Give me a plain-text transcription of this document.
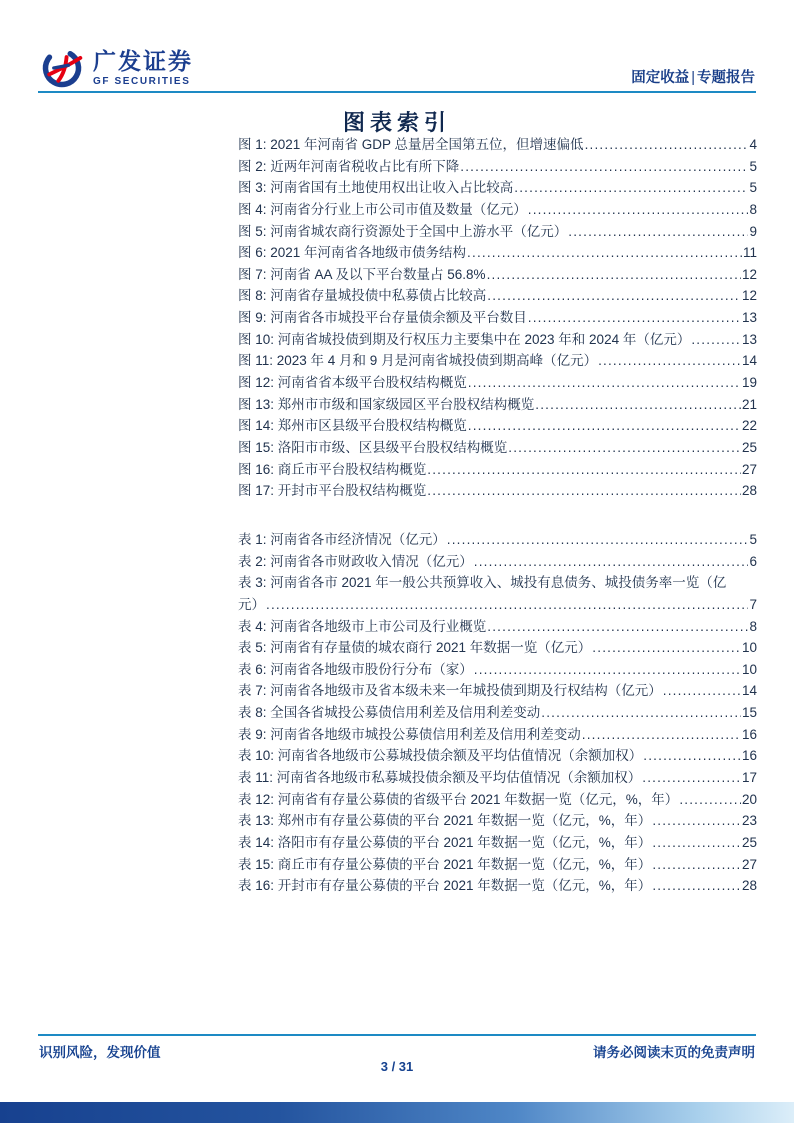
广发证券
GF SECURITIES	固定收益 | 专题报告
图表索引
图 1: 2021 年河南省 GDP 总量居全国第五位，但增速偏低 .....	4
图 2: 近两年河南省税收占比有所下降 .....	5
图 3: 河南省国有土地使用权出让收入占比较高 .....	5
图 4: 河南省分行业上市公司市值及数量（亿元） .....	8
图 5: 河南省城农商行资源处于全国中上游水平（亿元） .....	9
图 6: 2021 年河南省各地级市债务结构 .....	11
图 7: 河南省 AA 及以下平台数量占 56.8% .....	12
图 8: 河南省存量城投债中私募债占比较高 .....	12
图 9: 河南省各市城投平台存量债余额及平台数目 .....	13
图 10: 河南省城投债到期及行权压力主要集中在 2023 年和 2024 年（亿元） .....	13
图 11: 2023 年 4 月和 9 月是河南省城投债到期高峰（亿元） .....	14
图 12: 河南省省本级平台股权结构概览 .....	19
图 13: 郑州市市级和国家级园区平台股权结构概览 .....	21
图 14: 郑州市区县级平台股权结构概览 .....	22
图 15: 洛阳市市级、区县级平台股权结构概览 .....	25
图 16: 商丘市平台股权结构概览 .....	27
图 17: 开封市平台股权结构概览 .....	28
表 1: 河南省各市经济情况（亿元） .....	5
表 2: 河南省各市财政收入情况（亿元） .....	6
表 3: 河南省各市 2021 年一般公共预算收入、城投有息债务、城投债务率一览（亿
元） .....	7
表 4: 河南省各地级市上市公司及行业概览 .....	8
表 5: 河南省有存量债的城农商行 2021 年数据一览（亿元） .....	10
表 6: 河南省各地级市股份行分布（家） .....	10
表 7: 河南省各地级市及省本级未来一年城投债到期及行权结构（亿元） .....	14
表 8: 全国各省城投公募债信用利差及信用利差变动 .....	15
表 9: 河南省各地级市城投公募债信用利差及信用利差变动 .....	16
表 10: 河南省各地级市公募城投债余额及平均估值情况（余额加权） .....	16
表 11: 河南省各地级市私募城投债余额及平均估值情况（余额加权） .....	17
表 12: 河南省有存量公募债的省级平台 2021 年数据一览（亿元，%，年） .....	20
表 13: 郑州市有存量公募债的平台 2021 年数据一览（亿元，%，年） .....	23
表 14: 洛阳市有存量公募债的平台 2021 年数据一览（亿元，%，年） .....	25
表 15: 商丘市有存量公募债的平台 2021 年数据一览（亿元，%，年） .....	27
表 16: 开封市有存量公募债的平台 2021 年数据一览（亿元，%，年） .....	28
识别风险，发现价值	请务必阅读末页的免责声明
3 / 31
